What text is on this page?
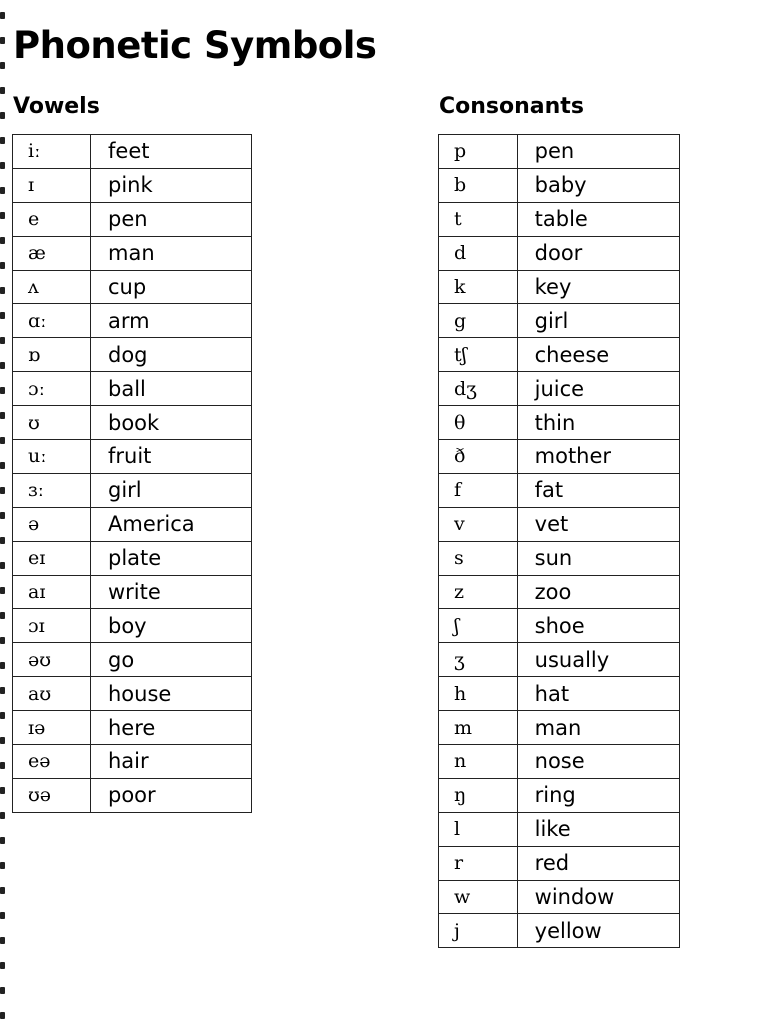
Phonetic Symbols
Vowels	Consonants
iː	feet
ɪ	pink
e	pen
æ	man
ʌ	cup
ɑː	arm
ɒ	dog
ɔː	ball
ʊ	book
uː	fruit
ɜː	girl
ə	America
eɪ	plate
aɪ	write
ɔɪ	boy
əʊ	go
aʊ	house
ɪə	here
eə	hair
ʊə	poor
p	pen
b	baby
t	table
d	door
k	key
g	girl
tʃ	cheese
dʒ	juice
θ	thin
ð	mother
f	fat
v	vet
s	sun
z	zoo
ʃ	shoe
ʒ	usually
h	hat
m	man
n	nose
ŋ	ring
l	like
r	red
w	window
j	yellow
